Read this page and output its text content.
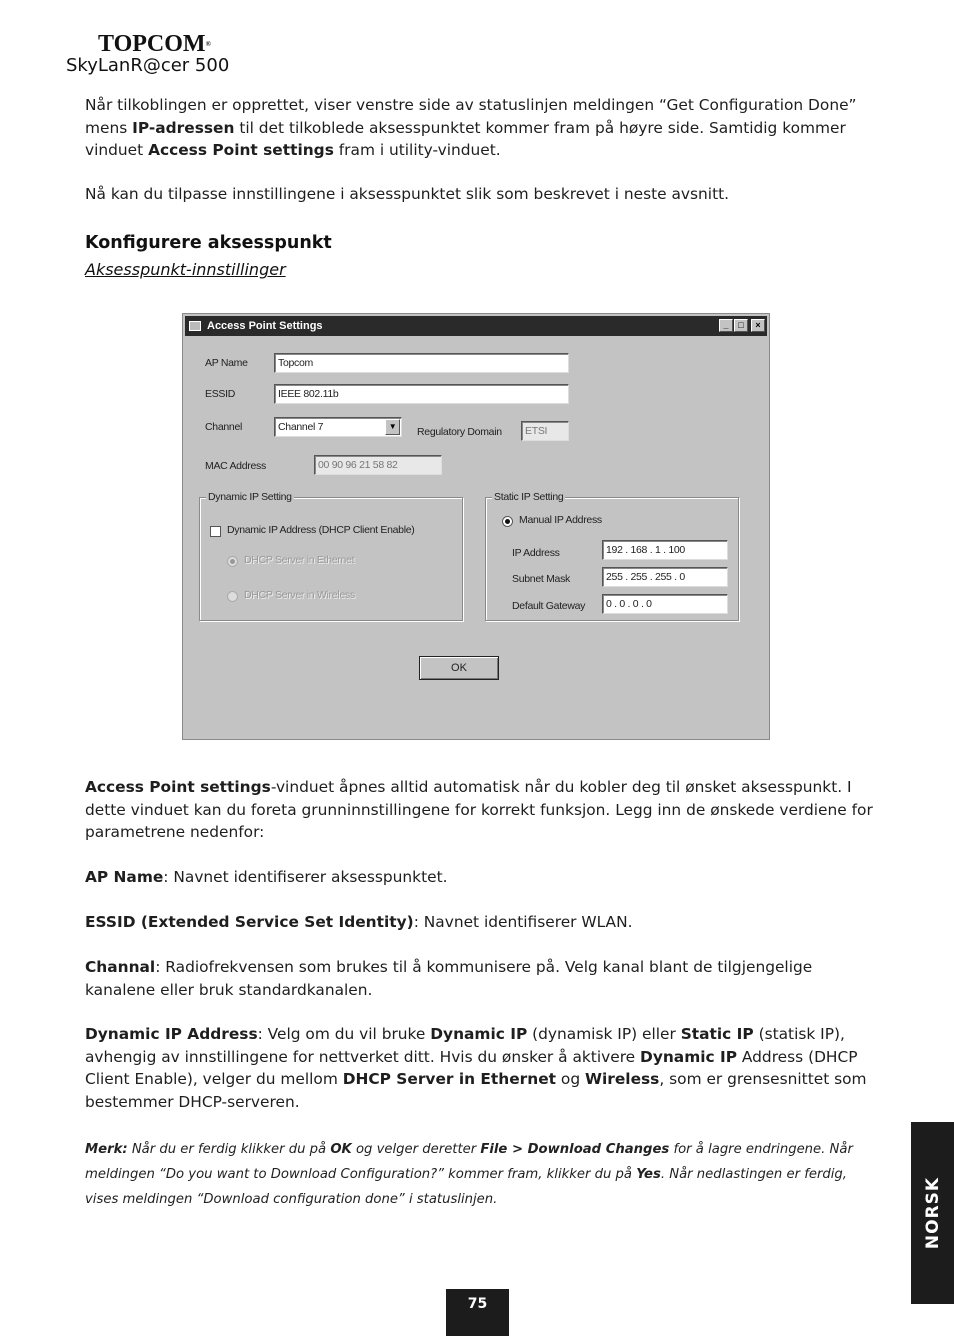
TOPCOM®
SkyLanR@cer 500
Når tilkoblingen er opprettet, viser venstre side av statuslinjen meldingen “Get Configuration Done” mens IP-adressen til det tilkoblede aksesspunktet kommer fram på høyre side. Samtidig kommer vinduet Access Point settings fram i utility-vinduet.
Nå kan du tilpasse innstillingene i aksesspunktet slik som beskrevet i neste avsnitt.
Konfigurere aksesspunkt
Aksesspunkt-innstillinger
Access Point Settings	_	□	×
AP Name	Topcom
ESSID	IEEE 802.11b
Channel	Channel 7	▼	Regulatory Domain	ETSI
MAC Address	00 90 96 21 58 82
Dynamic IP Setting
Dynamic IP Address (DHCP Client Enable)
DHCP Server in Ethernet
DHCP Server in Wireless
Static IP Setting
Manual IP Address
IP Address	192 . 168 . 1 . 100
Subnet Mask	255 . 255 . 255 . 0
Default Gateway	0 . 0 . 0 . 0
OK
Access Point settings-vinduet åpnes alltid automatisk når du kobler deg til ønsket aksesspunkt. I dette vinduet kan du foreta grunninnstillingene for korrekt funksjon. Legg inn de ønskede verdiene for parametrene nedenfor:
AP Name: Navnet identifiserer aksesspunktet.
ESSID (Extended Service Set Identity): Navnet identifiserer WLAN.
Channal: Radiofrekvensen som brukes til å kommunisere på. Velg kanal blant de tilgjengelige kanalene eller bruk standardkanalen.
Dynamic IP Address: Velg om du vil bruke Dynamic IP (dynamisk IP) eller Static IP (statisk IP), avhengig av innstillingene for nettverket ditt. Hvis du ønsker å aktivere Dynamic IP Address (DHCP Client Enable), velger du mellom DHCP Server in Ethernet og Wireless, som er grensesnittet som bestemmer DHCP-serveren.
Merk: Når du er ferdig klikker du på OK og velger deretter File > Download Changes for å lagre endringene. Når meldingen “Do you want to Download Configuration?” kommer fram, klikker du på Yes. Når nedlastingen er ferdig, vises meldingen “Download configuration done” i statuslinjen.	NORSK
75
